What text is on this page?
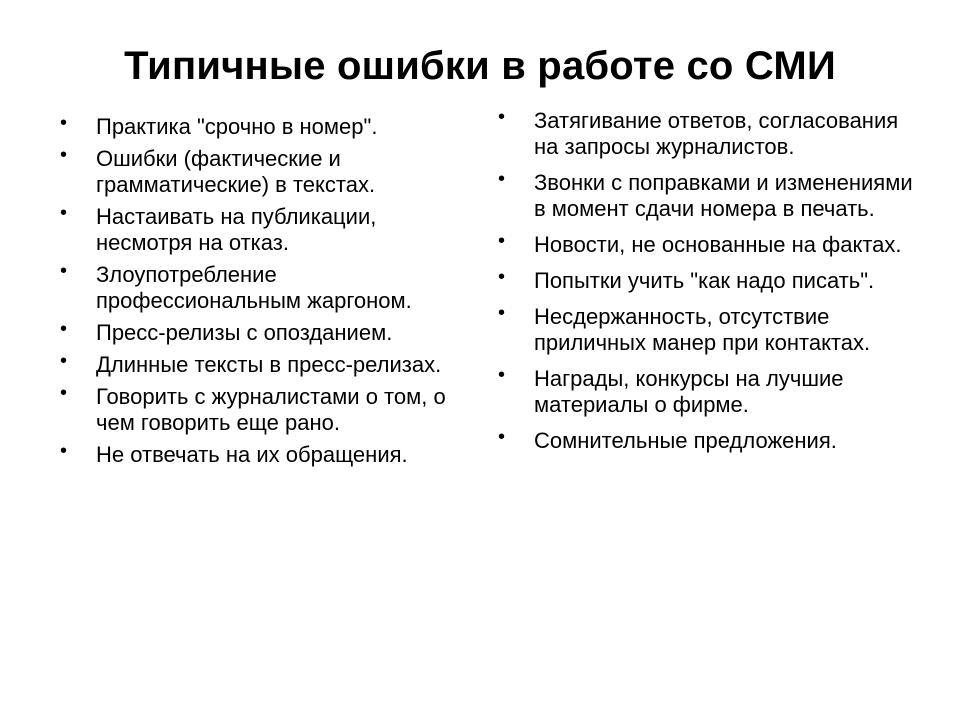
Типичные ошибки в работе со СМИ
• Практика "срочно в номер".
• Ошибки (фактические и грамматические) в текстах.
• Настаивать на публикации, несмотря на отказ.
• Злоупотребление профессиональным жаргоном.
• Пресс-релизы с опозданием.
• Длинные тексты в пресс-релизах.
• Говорить с журналистами о том, о чем говорить еще рано.
• Не отвечать на их обращения.
• Затягивание ответов, согласования на запросы журналистов.
• Звонки с поправками и изменениями в момент сдачи номера в печать.
• Новости, не основанные на фактах.
• Попытки учить "как надо писать".
• Несдержанность, отсутствие приличных манер при контактах.
• Награды, конкурсы на лучшие материалы о фирме.
• Сомнительные предложения.
